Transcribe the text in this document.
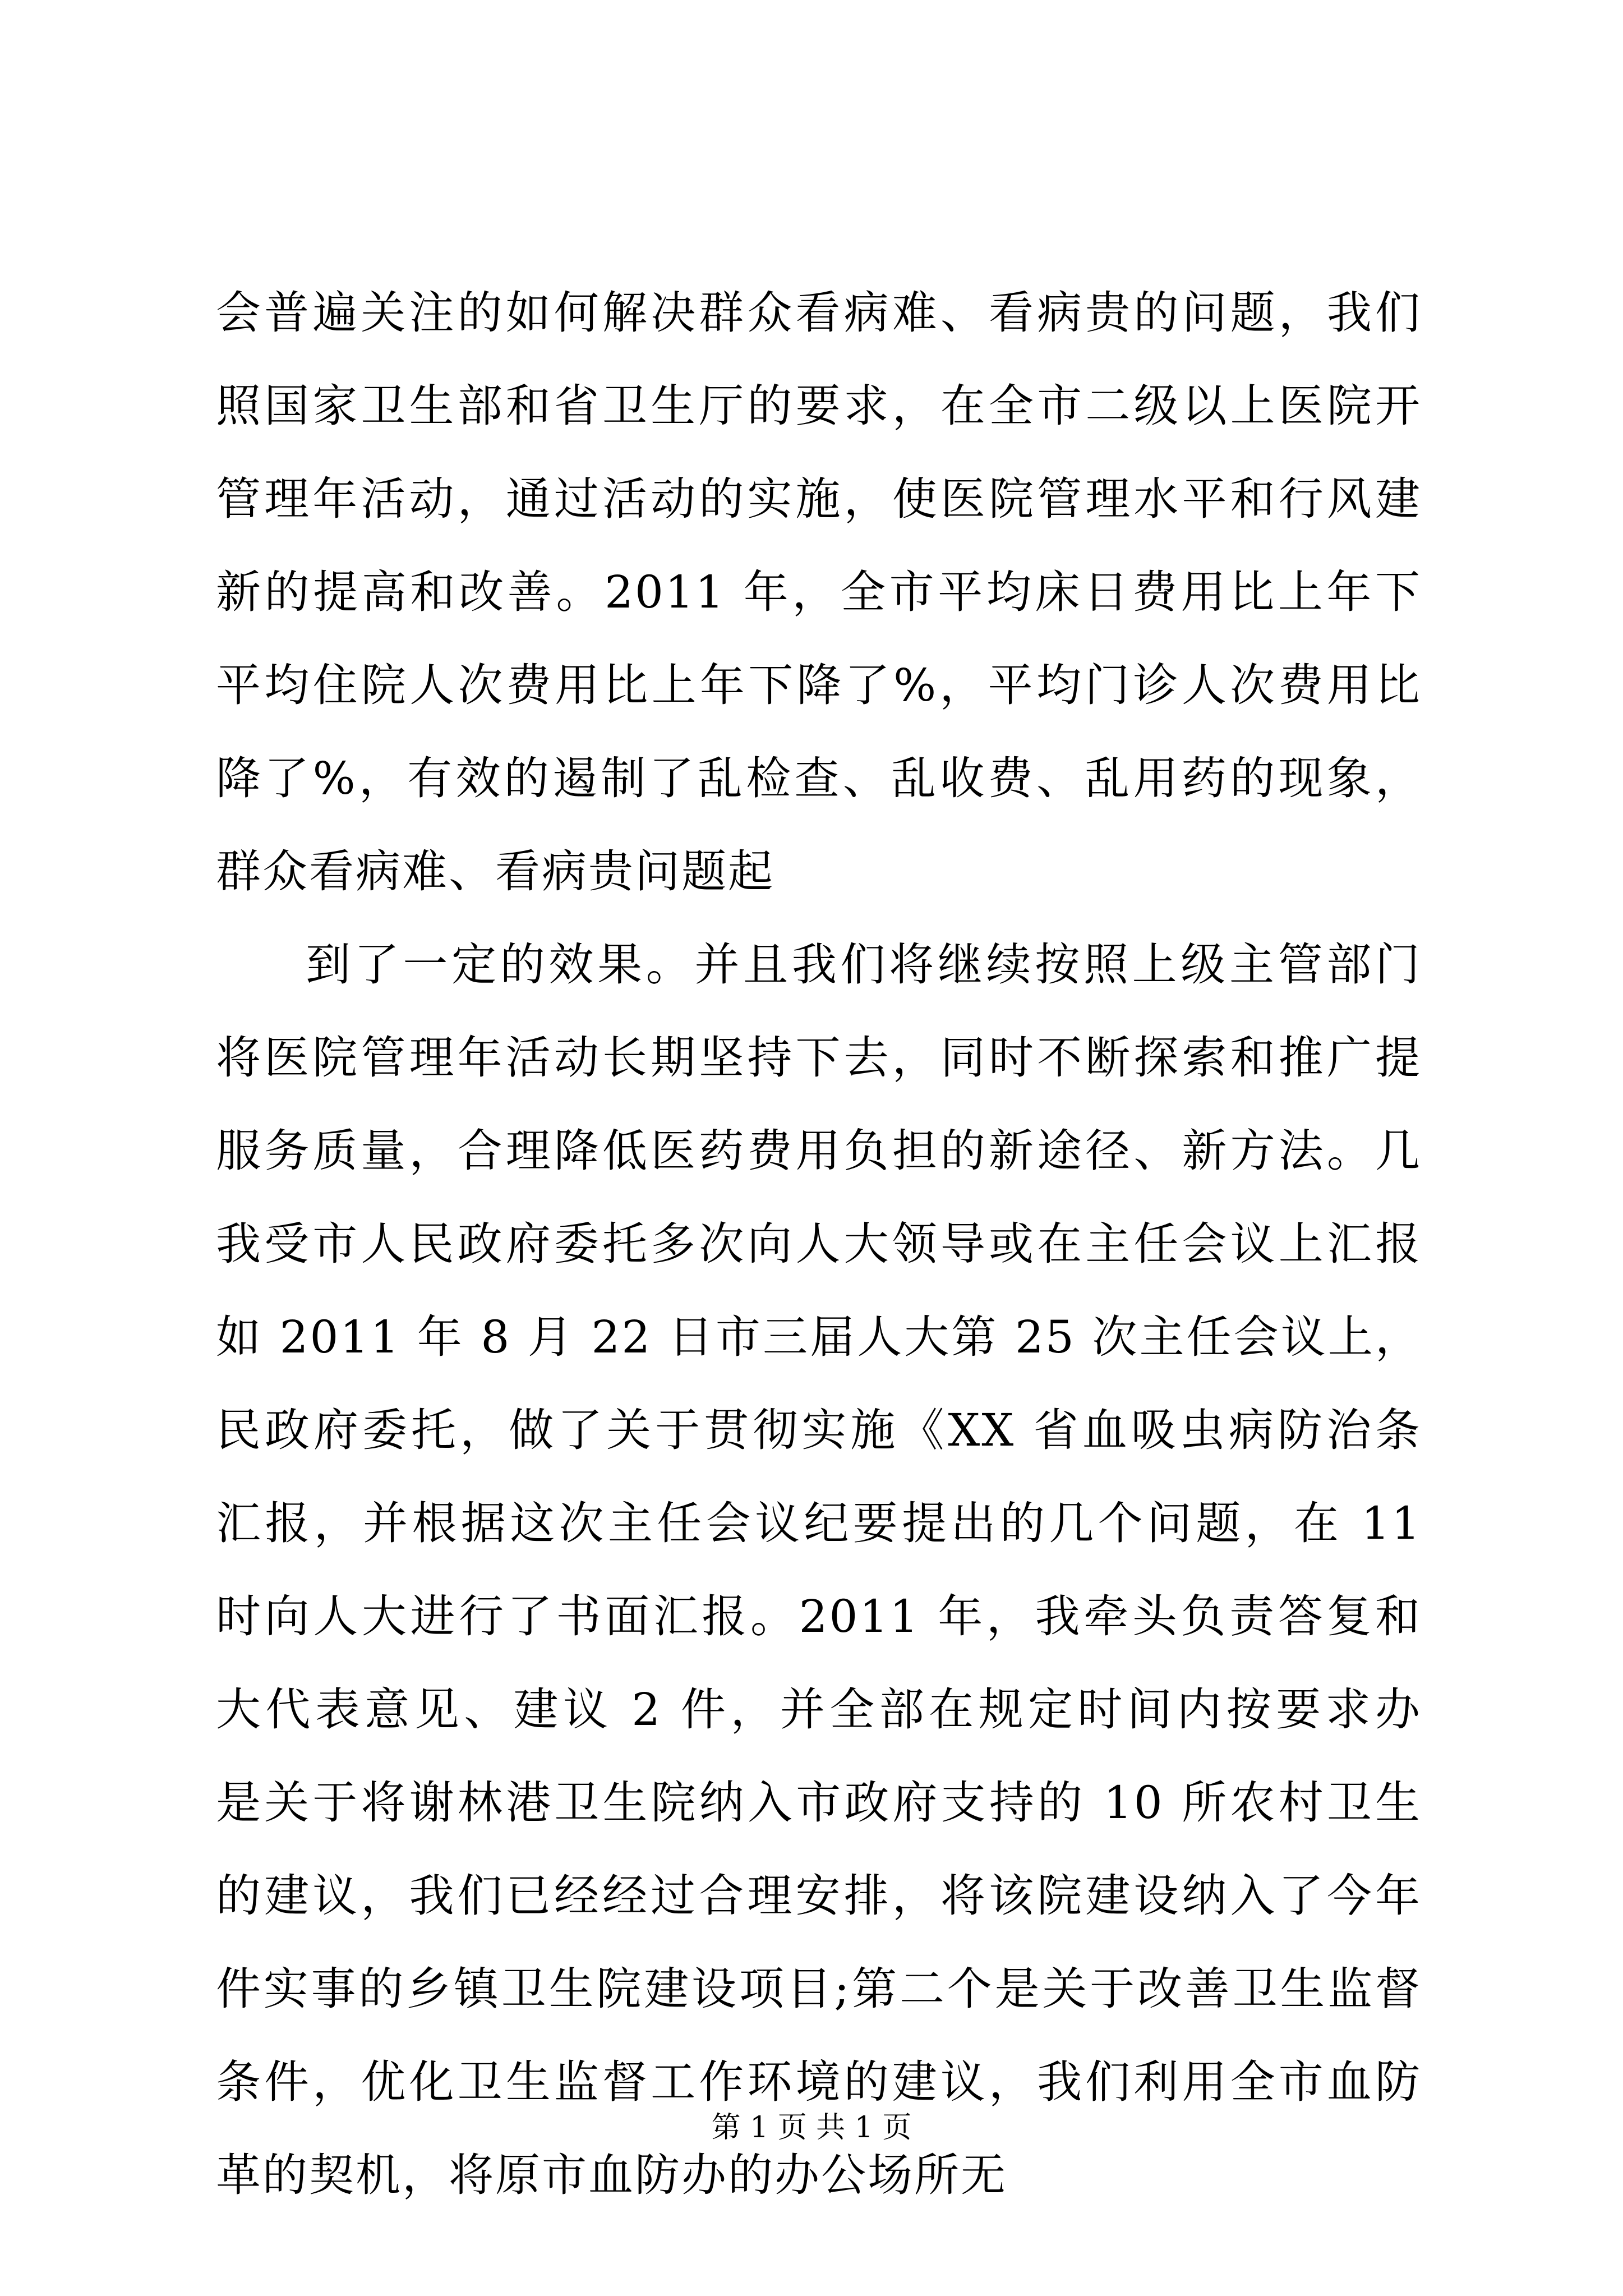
会普遍关注的如何解决群众看病难、看病贵的问题，我们
照国家卫生部和省卫生厅的要求，在全市二级以上医院开
管理年活动，通过活动的实施，使医院管理水平和行风建
新的提高和改善。2011 年，全市平均床日费用比上年下
平均住院人次费用比上年下降了%，平均门诊人次费用比
降了%，有效的遏制了乱检查、乱收费、乱用药的现象，
群众看病难、看病贵问题起
到了一定的效果。并且我们将继续按照上级主管部门
将医院管理年活动长期坚持下去，同时不断探索和推广提
服务质量，合理降低医药费用负担的新途径、新方法。几
我受市人民政府委托多次向人大领导或在主任会议上汇报
如 2011 年 8 月 22 日市三届人大第 25 次主任会议上，
民政府委托，做了关于贯彻实施《XX 省血吸虫病防治条
汇报，并根据这次主任会议纪要提出的几个问题，在 11
时向人大进行了书面汇报。2011 年，我牵头负责答复和
大代表意见、建议 2 件，并全部在规定时间内按要求办
是关于将谢林港卫生院纳入市政府支持的 10 所农村卫生
的建议，我们已经经过合理安排，将该院建设纳入了今年
件实事的乡镇卫生院建设项目;第二个是关于改善卫生监督
条件，优化卫生监督工作环境的建议，我们利用全市血防
革的契机，将原市血防办的办公场所无
第 1 页 共 1 页
